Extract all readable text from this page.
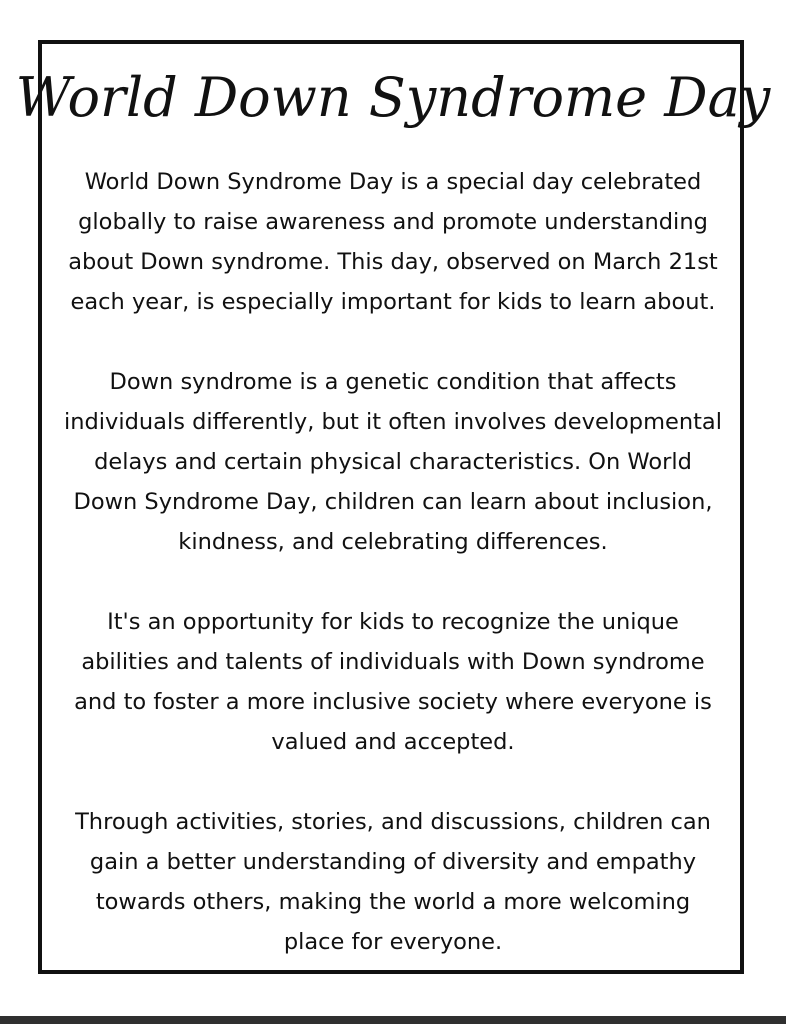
World Down Syndrome Day

World Down Syndrome Day is a special day celebrated
globally to raise awareness and promote understanding
about Down syndrome. This day, observed on March 21st
each year, is especially important for kids to learn about.

Down syndrome is a genetic condition that affects
individuals differently, but it often involves developmental
delays and certain physical characteristics. On World
Down Syndrome Day, children can learn about inclusion,
kindness, and celebrating differences.

It's an opportunity for kids to recognize the unique
abilities and talents of individuals with Down syndrome
and to foster a more inclusive society where everyone is
valued and accepted.

Through activities, stories, and discussions, children can
gain a better understanding of diversity and empathy
towards others, making the world a more welcoming
place for everyone.
